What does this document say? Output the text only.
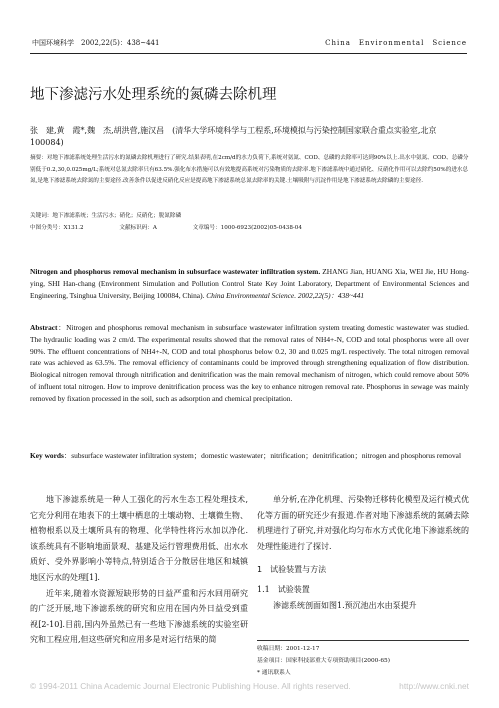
中国环境科学　2002,22(5)：438~441	China　Environmental　Science
地下渗滤污水处理系统的氮磷去除机理
张　建,黄　霞*,魏　杰,胡洪营,施汉昌　(清华大学环境科学与工程系,环境模拟与污染控制国家联合重点实验室,北京　100084)
摘要：对地下渗滤系统处理生活污水的氮磷去除机理进行了研究.结果表明,在2cm/d的水力负荷下,系统对氨氮、COD、总磷的去除率可达到90%以上.出水中氨氮、COD、总磷分别低于0.2,30,0.025mg/L;系统对总氮去除率只有63.5%.强化布水措施可以有效地提高系统对污染物质的去除率.地下渗滤系统中通过硝化、反硝化作用可以去除约50%的进水总氮,是地下渗滤系统去除氮的主要途径.改善条件以促进反硝化反应是提高地下渗滤系统总氮去除率的关键.土壤吸附与沉淀作用是地下渗滤系统去除磷的主要途径.
关键词：地下渗滤系统；生活污水；硝化；反硝化；脱氮除磷
中图分类号：X131.2	文献标识码：A	文章编号：1000-6923(2002)05-0438-04
Nitrogen and phosphorus removal mechanism in subsurface wastewater infiltration system. ZHANG Jian, HUANG Xia, WEI Jie, HU Hong-ying, SHI Han-chang (Environment Simulation and Pollution Control State Key Joint Laboratory, Department of Environmental Sciences and Engineering, Tsinghua University, Beijing 100084, China). China Environmental Science. 2002,22(5)：438~441
Abstract：Nitrogen and phosphorus removal mechanism in subsurface wastewater infiltration system treating domestic wastewater was studied. The hydraulic loading was 2 cm/d. The experimental results showed that the removal rates of NH4+-N, COD and total phosphorus were all over 90%. The effluent concentrations of NH4+-N, COD and total phosphorus below 0.2, 30 and 0.025 mg/L respectively. The total nitrogen removal rate was achieved as 63.5%. The removal efficiency of contaminants could be improved through strengthening equalization of flow distribution. Biological nitrogen removal through nitrification and denitrification was the main removal mechanism of nitrogen, which could remove about 50% of influent total nitrogen. How to improve denitrification process was the key to enhance nitrogen removal rate. Phosphorus in sewage was mainly removed by fixation processed in the soil, such as adsorption and chemical precipitation.
Key words：subsurface wastewater infiltration system；domestic wastewater；nitrification；denitrification；nitrogen and phosphorus removal

地下渗滤系统是一种人工强化的污水生态工程处理技术,它充分利用在地表下的土壤中栖息的土壤动物、土壤微生物、植物根系以及土壤所具有的物理、化学特性将污水加以净化.该系统具有不影响地面景观、基建及运行管理费用低、出水水质好、受外界影响小等特点,特别适合于分散居住地区和城镇地区污水的处理[1].

近年来,随着水资源短缺形势的日益严重和污水回用研究的广泛开展,地下渗滤系统的研究和应用在国内外日益受到重视[2-10].目前,国内外虽然已有一些地下渗滤系统的实验室研究和工程应用,但这些研究和应用多是对运行结果的简

单分析,在净化机理、污染物迁移转化模型及运行模式优化等方面的研究还少有报道.作者对地下渗滤系统的氮磷去除机理进行了研究,并对强化均匀布水方式优化地下渗滤系统的处理性能进行了探讨.

1　试验装置与方法
1.1　试验装置

渗滤系统剖面如图1.预沉池出水由泵提升

收稿日期：2001-12-17
基金项目：国家科技部重大专项资助项目(2000-65)
* 通讯联系人
© 1994-2011 China Academic Journal Electronic Publishing House. All rights reserved.	http://www.cnki.net
